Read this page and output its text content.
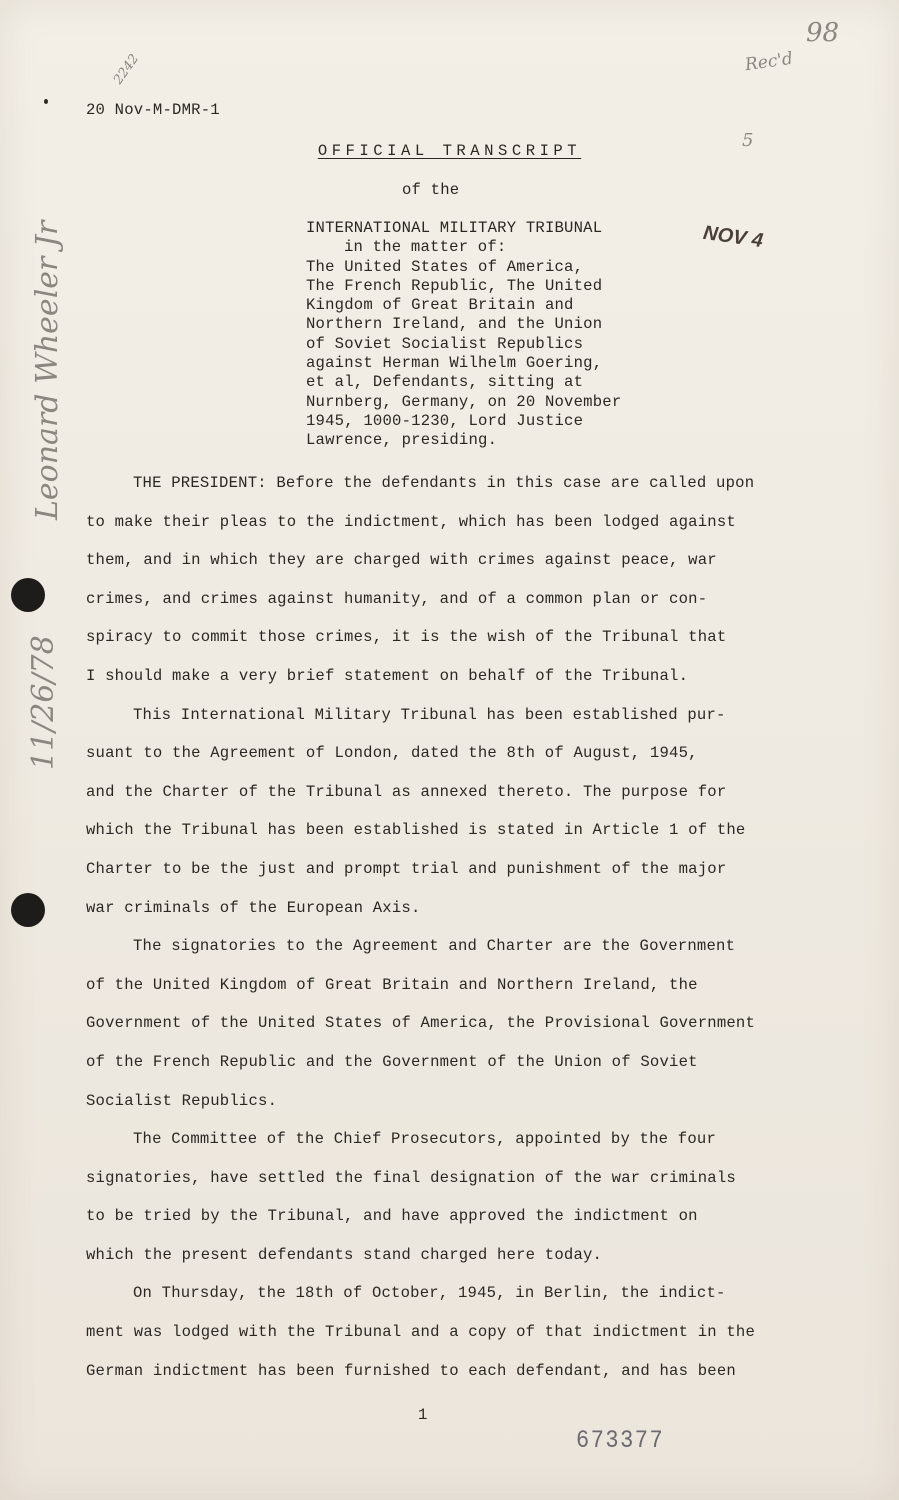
2242
98
Rec'd
5
Leonard Wheeler Jr
11/26/78
NOV 4
20 Nov-M-DMR-1
OFFICIAL TRANSCRIPT
of the
INTERNATIONAL MILITARY TRIBUNAL
in the matter of:
The United States of America,
The French Republic, The United
Kingdom of Great Britain and
Northern Ireland, and the Union
of Soviet Socialist Republics
against Herman Wilhelm Goering,
et al, Defendants, sitting at
Nurnberg, Germany, on 20 November
1945, 1000-1230, Lord Justice
Lawrence, presiding.
THE PRESIDENT: Before the defendants in this case are called upon
to make their pleas to the indictment, which has been lodged against
them, and in which they are charged with crimes against peace, war
crimes, and crimes against humanity, and of a common plan or con-
spiracy to commit those crimes, it is the wish of the Tribunal that
I should make a very brief statement on behalf of the Tribunal.
This International Military Tribunal has been established pur-
suant to the Agreement of London, dated the 8th of August, 1945,
and the Charter of the Tribunal as annexed thereto. The purpose for
which the Tribunal has been established is stated in Article 1 of the
Charter to be the just and prompt trial and punishment of the major
war criminals of the European Axis.
The signatories to the Agreement and Charter are the Government
of the United Kingdom of Great Britain and Northern Ireland, the
Government of the United States of America, the Provisional Government
of the French Republic and the Government of the Union of Soviet
Socialist Republics.
The Committee of the Chief Prosecutors, appointed by the four
signatories, have settled the final designation of the war criminals
to be tried by the Tribunal, and have approved the indictment on
which the present defendants stand charged here today.
On Thursday, the 18th of October, 1945, in Berlin, the indict-
ment was lodged with the Tribunal and a copy of that indictment in the
German indictment has been furnished to each defendant, and has been
1
673377
